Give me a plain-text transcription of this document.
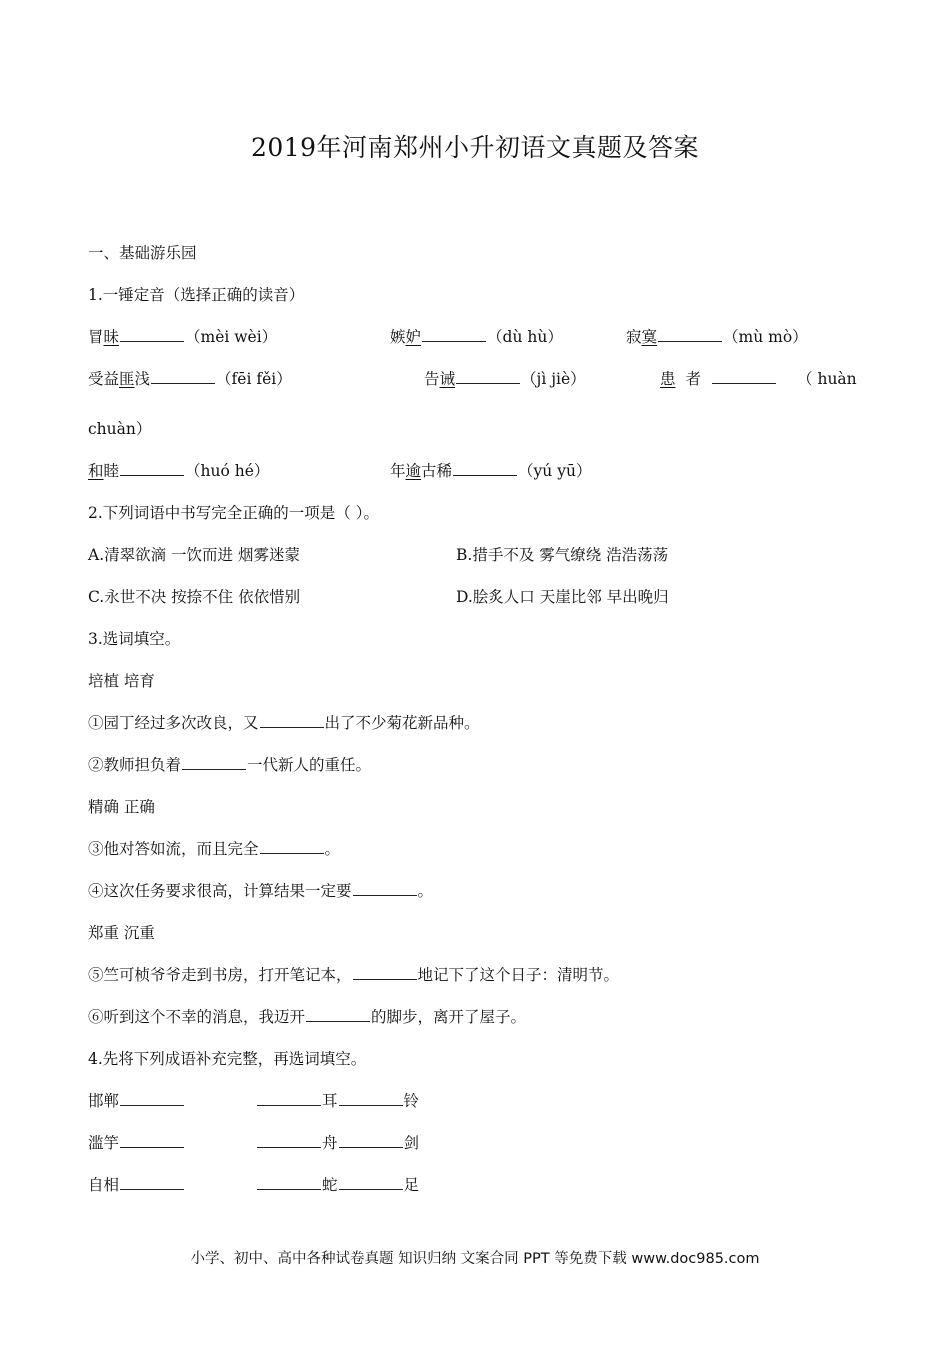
2019年河南郑州小升初语文真题及答案
一、基础游乐园
1.一锤定音（选择正确的读音）
冒昧	（mèi wèi）	嫉妒	（dù hù）	寂寞	（mù mò）
受益匪浅	（fēi fěi）	告诫	（jì jiè）	患 者	（ huàn
chuàn）
和睦	（huó hé）	年逾古稀	（yú yū）
2.下列词语中书写完全正确的一项是（ ）。
A.清翠欲滴 一饮而进 烟雾迷蒙	B.措手不及 雾气缭绕 浩浩荡荡
C.永世不决 按捺不住 依依惜别	D.脍炙人口 天崖比邻 早出晚归
3.选词填空。
培植 培育
①园丁经过多次改良，又	出了不少菊花新品种。
②教师担负着	一代新人的重任。
精确 正确
③他对答如流，而且完全	。
④这次任务要求很高，计算结果一定要	。
郑重 沉重
⑤竺可桢爷爷走到书房，打开笔记本，	地记下了这个日子：清明节。
⑥听到这个不幸的消息，我迈开	的脚步，离开了屋子。
4.先将下列成语补充完整，再选词填空。
邯郸	耳	铃
滥竽	舟	剑
自相	蛇	足
小学、初中、高中各种试卷真题 知识归纳 文案合同 PPT 等免费下载 www.doc985.com
